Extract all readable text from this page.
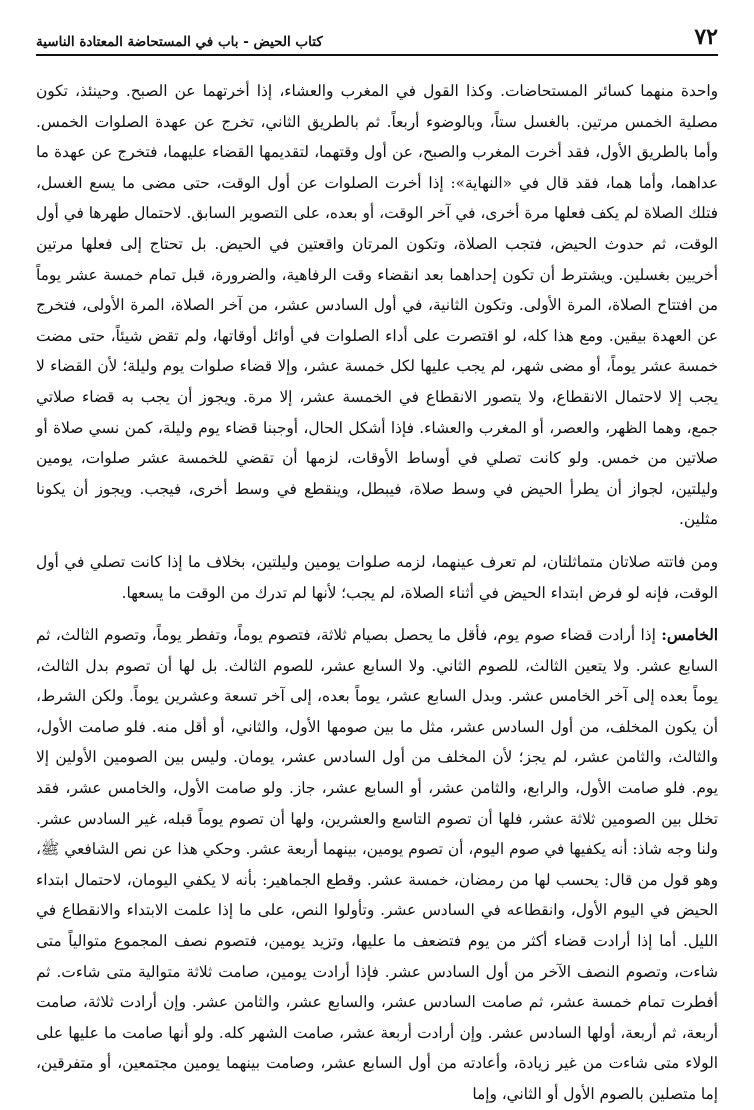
٧٢
كتاب الحيض - باب في المستحاضة المعتادة الناسية

واحدة منهما كسائر المستحاضات. وكذا القول في المغرب والعشاء، إذا أخرتهما عن الصبح. وحينئذ، تكون مصلية الخمس مرتين. بالغسل ستاً، وبالوضوء أربعاً. ثم بالطريق الثاني، تخرج عن عهدة الصلوات الخمس. وأما بالطريق الأول، فقد أخرت المغرب والصبح، عن أول وقتهما، لتقديمها القضاء عليهما، فتخرج عن عهدة ما عداهما، وأما هما، فقد قال في «النهاية»: إذا أخرت الصلوات عن أول الوقت، حتى مضى ما يسع الغسل، فتلك الصلاة لم يكف فعلها مرة أخرى، في آخر الوقت، أو بعده، على التصوير السابق. لاحتمال طهرها في أول الوقت، ثم حدوث الحيض، فتجب الصلاة، وتكون المرتان واقعتين في الحيض. بل تحتاج إلى فعلها مرتين أخريين بغسلين. ويشترط أن تكون إحداهما بعد انقضاء وقت الرفاهية، والضرورة، قبل تمام خمسة عشر يوماً من افتتاح الصلاة، المرة الأولى. وتكون الثانية، في أول السادس عشر، من آخر الصلاة، المرة الأولى، فتخرج عن العهدة بيقين. ومع هذا كله، لو اقتصرت على أداء الصلوات في أوائل أوقاتها، ولم تقض شيئاً، حتى مضت خمسة عشر يوماً، أو مضى شهر، لم يجب عليها لكل خمسة عشر، وإلا قضاء صلوات يوم وليلة؛ لأن القضاء لا يجب إلا لاحتمال الانقطاع، ولا يتصور الانقطاع في الخمسة عشر، إلا مرة. ويجوز أن يجب به قضاء صلاتي جمع، وهما الظهر، والعصر، أو المغرب والعشاء. فإذا أشكل الحال، أوجبنا قضاء يوم وليلة، كمن نسي صلاة أو صلاتين من خمس. ولو كانت تصلي في أوساط الأوقات، لزمها أن تقضي للخمسة عشر صلوات، يومين وليلتين، لجواز أن يطرأ الحيض في وسط صلاة، فيبطل، وينقطع في وسط أخرى، فيجب. ويجوز أن يكونا مثلين.

ومن فاتته صلاتان متماثلتان، لم تعرف عينهما، لزمه صلوات يومين وليلتين، بخلاف ما إذا كانت تصلي في أول الوقت، فإنه لو فرض ابتداء الحيض في أثناء الصلاة، لم يجب؛ لأنها لم تدرك من الوقت ما يسعها.

الخامس: إذا أرادت قضاء صوم يوم، فأقل ما يحصل بصيام ثلاثة، فتصوم يوماً، وتفطر يوماً، وتصوم الثالث، ثم السابع عشر. ولا يتعين الثالث، للصوم الثاني. ولا السابع عشر، للصوم الثالث. بل لها أن تصوم بدل الثالث، يوماً بعده إلى آخر الخامس عشر. وبدل السابع عشر، يوماً بعده، إلى آخر تسعة وعشرين يوماً. ولكن الشرط، أن يكون المخلف، من أول السادس عشر، مثل ما بين صومها الأول، والثاني، أو أقل منه. فلو صامت الأول، والثالث، والثامن عشر، لم يجز؛ لأن المخلف من أول السادس عشر، يومان. وليس بين الصومين الأولين إلا يوم. فلو صامت الأول، والرابع، والثامن عشر، أو السابع عشر، جاز. ولو صامت الأول، والخامس عشر، فقد تخلل بين الصومين ثلاثة عشر، فلها أن تصوم التاسع والعشرين، ولها أن تصوم يوماً قبله، غير السادس عشر. ولنا وجه شاذ: أنه يكفيها في صوم اليوم، أن تصوم يومين، بينهما أربعة عشر. وحكي هذا عن نص الشافعي ﷺ، وهو قول من قال: يحسب لها من رمضان، خمسة عشر. وقطع الجماهير: بأنه لا يكفي اليومان، لاحتمال ابتداء الحيض في اليوم الأول، وانقطاعه في السادس عشر. وتأولوا النص، على ما إذا علمت الابتداء والانقطاع في الليل. أما إذا أرادت قضاء أكثر من يوم فتضعف ما عليها، وتزيد يومين، فتصوم نصف المجموع متوالياً متى شاءت، وتصوم النصف الآخر من أول السادس عشر. فإذا أرادت يومين، صامت ثلاثة متوالية متى شاءت. ثم أفطرت تمام خمسة عشر، ثم صامت السادس عشر، والسابع عشر، والثامن عشر. وإن أرادت ثلاثة، صامت أربعة، ثم أربعة، أولها السادس عشر. وإن أرادت أربعة عشر، صامت الشهر كله. ولو أنها صامت ما عليها على الولاء متى شاءت من غير زيادة، وأعادته من أول السابع عشر، وصامت بينهما يومين مجتمعين، أو متفرقين، إما متصلين بالصوم الأول أو الثاني، وإما
